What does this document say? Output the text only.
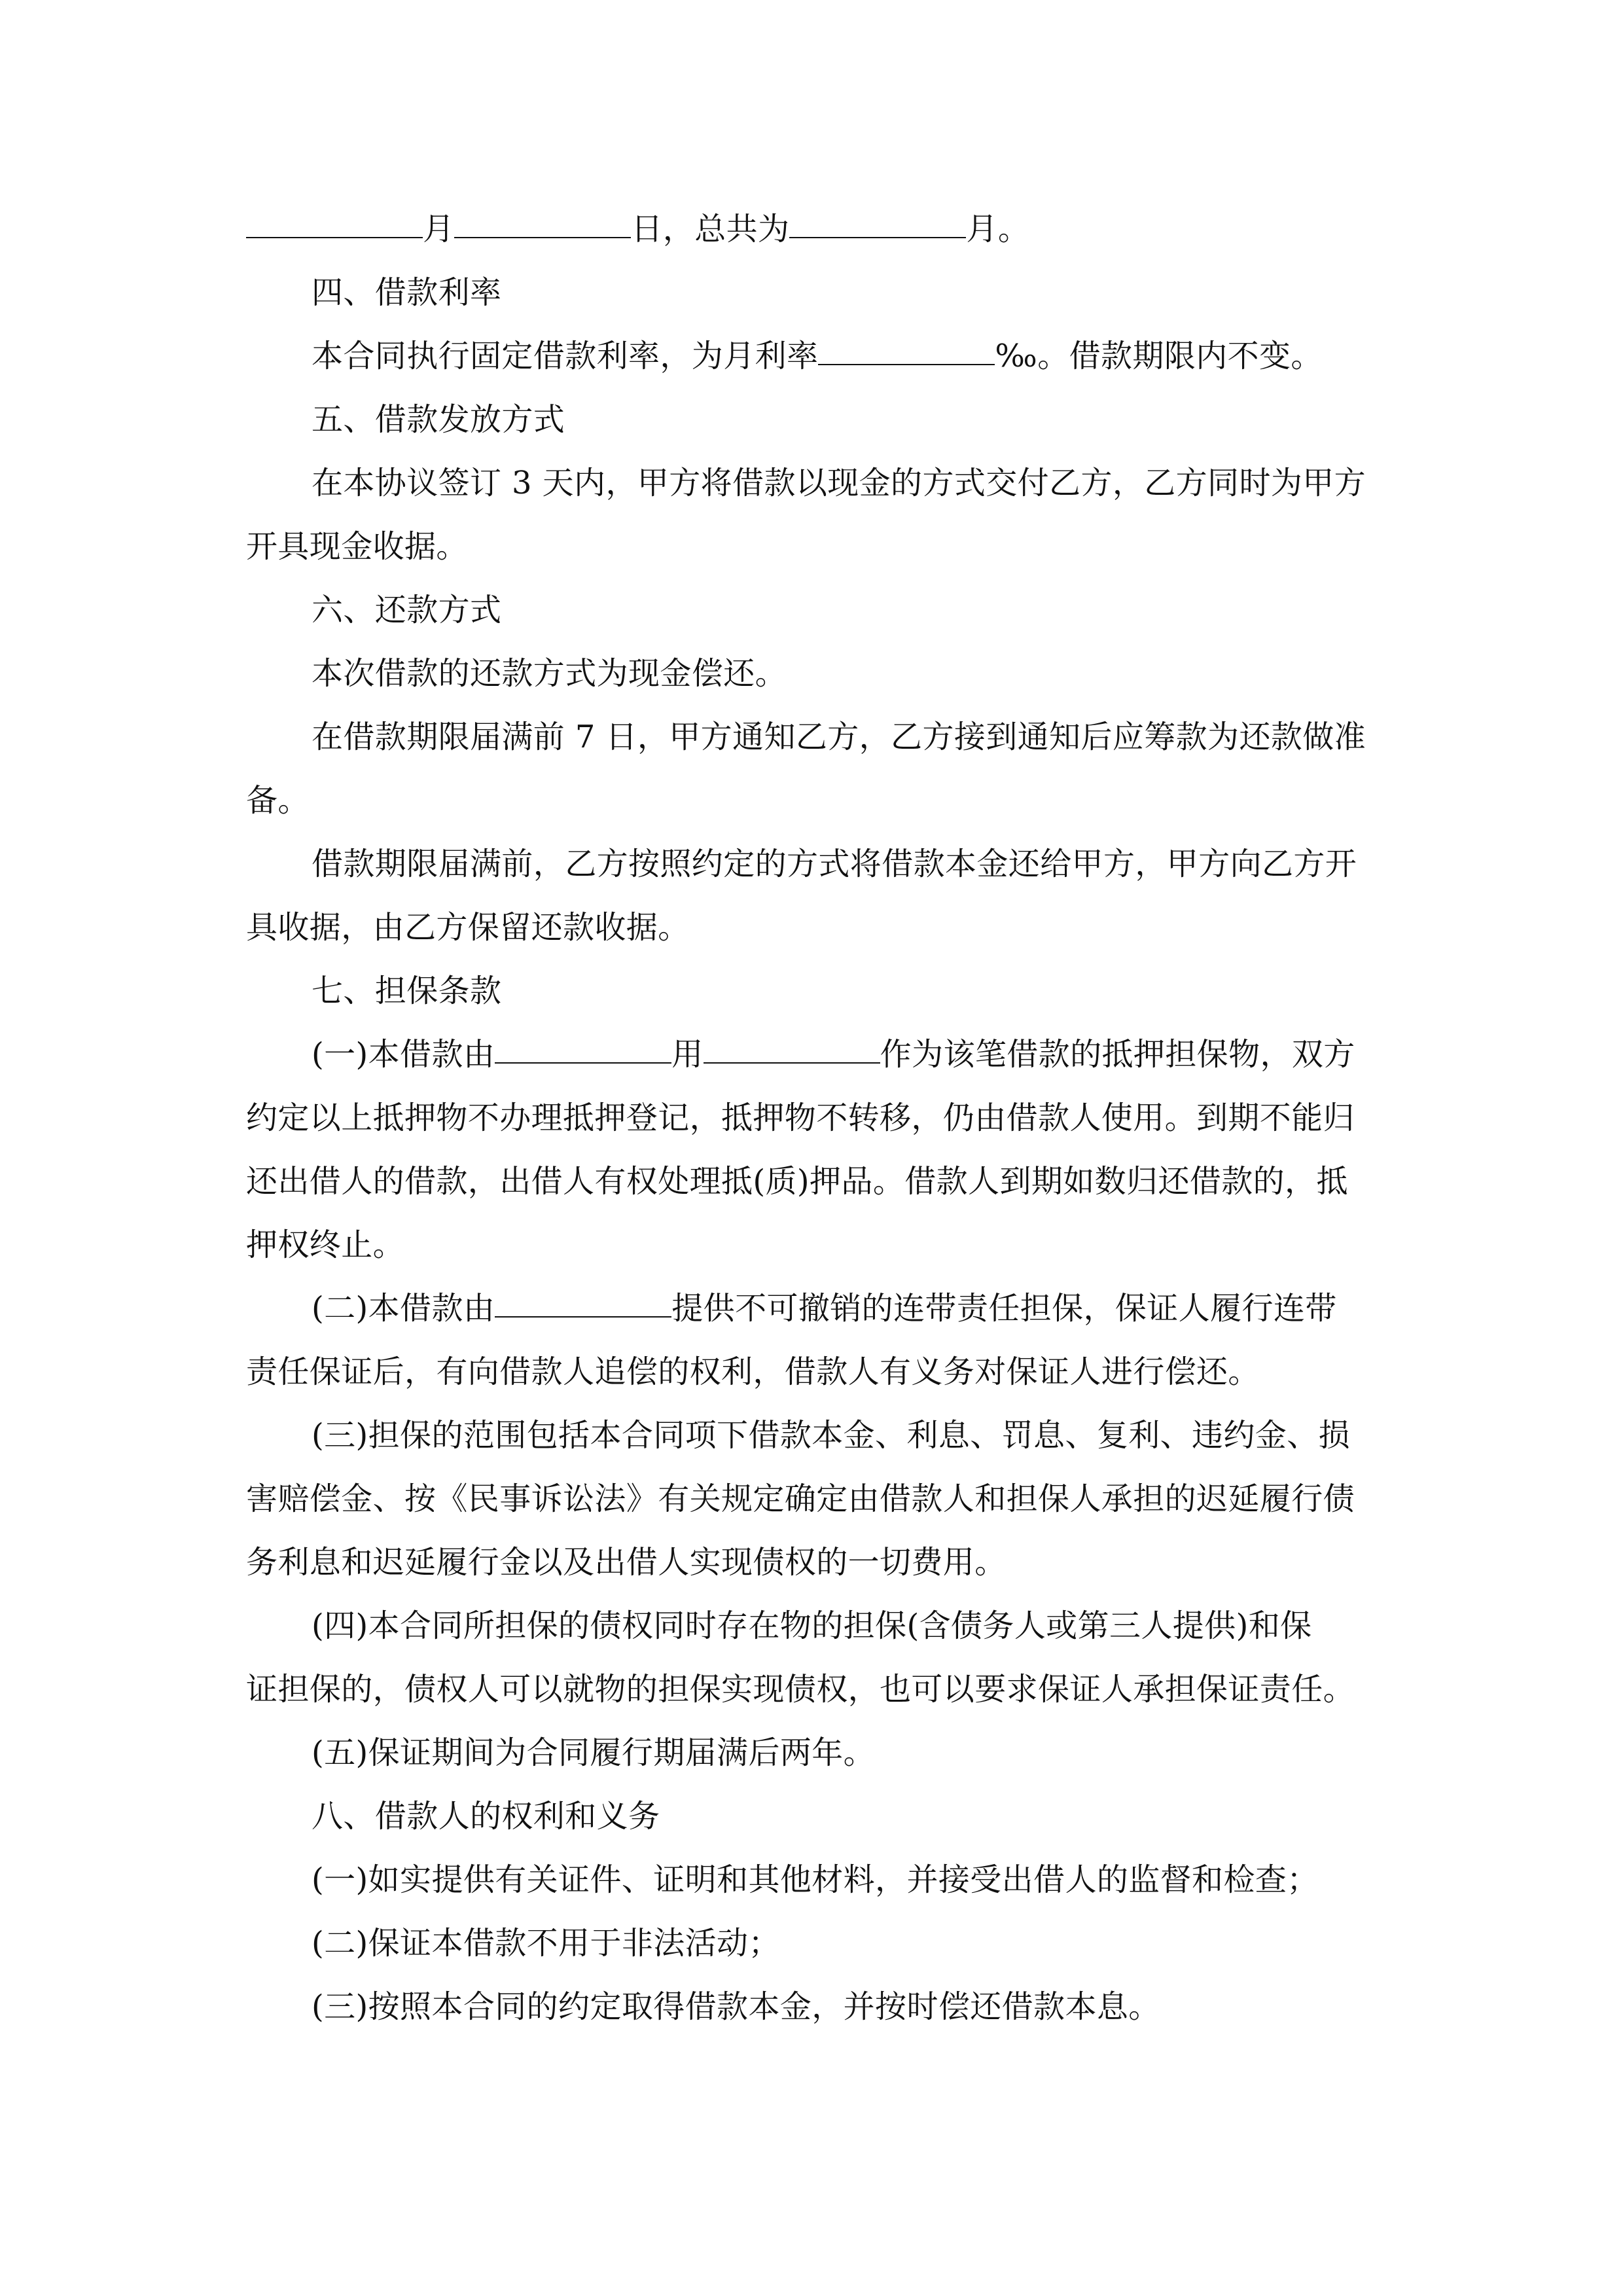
月	日，总共为	月。
四、借款利率
本合同执行固定借款利率，为月利率	‰。借款期限内不变。
五、借款发放方式
在本协议签订 3 天内，甲方将借款以现金的方式交付乙方，乙方同时为甲方
开具现金收据。
六、还款方式
本次借款的还款方式为现金偿还。
在借款期限届满前 7 日，甲方通知乙方，乙方接到通知后应筹款为还款做准
备。
借款期限届满前，乙方按照约定的方式将借款本金还给甲方，甲方向乙方开
具收据，由乙方保留还款收据。
七、担保条款
(一)本借款由	用	作为该笔借款的抵押担保物，双方
约定以上抵押物不办理抵押登记，抵押物不转移，仍由借款人使用。到期不能归
还出借人的借款，出借人有权处理抵(质)押品。借款人到期如数归还借款的，抵
押权终止。
(二)本借款由	提供不可撤销的连带责任担保，保证人履行连带
责任保证后，有向借款人追偿的权利，借款人有义务对保证人进行偿还。
(三)担保的范围包括本合同项下借款本金、利息、罚息、复利、违约金、损
害赔偿金、按《民事诉讼法》有关规定确定由借款人和担保人承担的迟延履行债
务利息和迟延履行金以及出借人实现债权的一切费用。
(四)本合同所担保的债权同时存在物的担保(含债务人或第三人提供)和保
证担保的，债权人可以就物的担保实现债权，也可以要求保证人承担保证责任。
(五)保证期间为合同履行期届满后两年。
八、借款人的权利和义务
(一)如实提供有关证件、证明和其他材料，并接受出借人的监督和检查；
(二)保证本借款不用于非法活动；
(三)按照本合同的约定取得借款本金，并按时偿还借款本息。
